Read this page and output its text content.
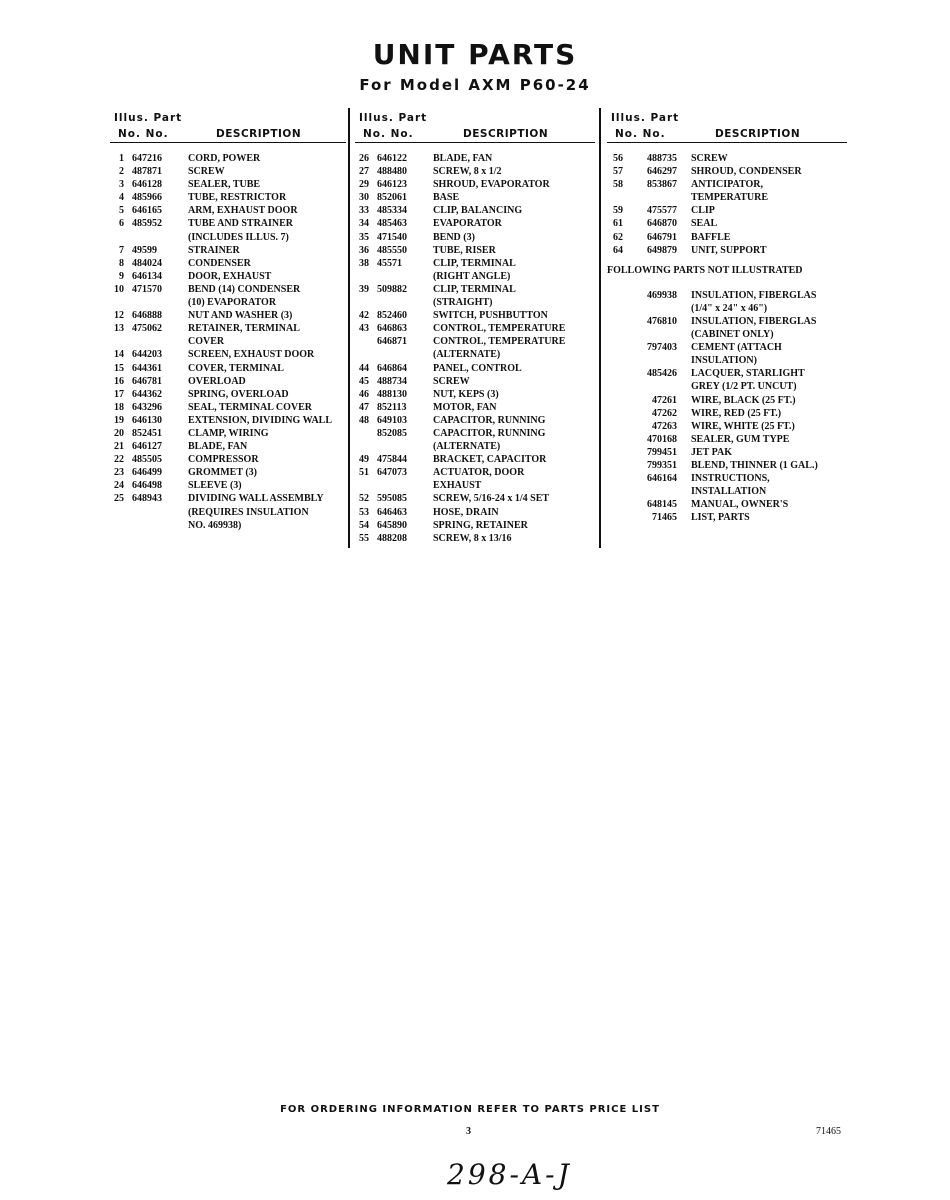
UNIT PARTS
For Model AXM P60-24
Illus. Part
No. No.	DESCRIPTION
1 647216	CORD, POWER
2 487871	SCREW
3 646128	SEALER, TUBE
4 485966	TUBE, RESTRICTOR
5 646165	ARM, EXHAUST DOOR
6 485952	TUBE AND STRAINER
(INCLUDES ILLUS. 7)
7 49599	STRAINER
8 484024	CONDENSER
9 646134	DOOR, EXHAUST
10 471570	BEND (14) CONDENSER
(10) EVAPORATOR
12 646888	NUT AND WASHER (3)
13 475062	RETAINER, TERMINAL
COVER
14 644203	SCREEN, EXHAUST DOOR
15 644361	COVER, TERMINAL
16 646781	OVERLOAD
17 644362	SPRING, OVERLOAD
18 643296	SEAL, TERMINAL COVER
19 646130	EXTENSION, DIVIDING WALL
20 852451	CLAMP, WIRING
21 646127	BLADE, FAN
22 485505	COMPRESSOR
23 646499	GROMMET (3)
24 646498	SLEEVE (3)
25 648943	DIVIDING WALL ASSEMBLY
(REQUIRES INSULATION
NO. 469938)
Illus. Part
No. No.	DESCRIPTION
26 646122	BLADE, FAN
27 488480	SCREW, 8 x 1/2
29 646123	SHROUD, EVAPORATOR
30 852061	BASE
33 485334	CLIP, BALANCING
34 485463	EVAPORATOR
35 471540	BEND (3)
36 485550	TUBE, RISER
38 45571	CLIP, TERMINAL
(RIGHT ANGLE)
39 509882	CLIP, TERMINAL
(STRAIGHT)
42 852460	SWITCH, PUSHBUTTON
43 646863	CONTROL, TEMPERATURE
646871	CONTROL, TEMPERATURE
(ALTERNATE)
44 646864	PANEL, CONTROL
45 488734	SCREW
46 488130	NUT, KEPS (3)
47 852113	MOTOR, FAN
48 649103	CAPACITOR, RUNNING
852085	CAPACITOR, RUNNING
(ALTERNATE)
49 475844	BRACKET, CAPACITOR
51 647073	ACTUATOR, DOOR
EXHAUST
52 595085	SCREW, 5/16-24 x 1/4 SET
53 646463	HOSE, DRAIN
54 645890	SPRING, RETAINER
55 488208	SCREW, 8 x 13/16
Illus. Part
No. No.	DESCRIPTION
56	488735 SCREW
57	646297 SHROUD, CONDENSER
58	853867 ANTICIPATOR,
TEMPERATURE
59	475577 CLIP
61	646870 SEAL
62	646791 BAFFLE
64	649879 UNIT, SUPPORT
FOLLOWING PARTS NOT ILLUSTRATED
469938 INSULATION, FIBERGLAS
(1/4" x 24" x 46")
476810 INSULATION, FIBERGLAS
(CABINET ONLY)
797403 CEMENT (ATTACH
INSULATION)
485426 LACQUER, STARLIGHT
GREY (1/2 PT. UNCUT)
47261 WIRE, BLACK (25 FT.)
47262 WIRE, RED (25 FT.)
47263 WIRE, WHITE (25 FT.)
470168 SEALER, GUM TYPE
799451 JET PAK
799351 BLEND, THINNER (1 GAL.)
646164 INSTRUCTIONS,
INSTALLATION
648145 MANUAL, OWNER'S
71465 LIST, PARTS
FOR ORDERING INFORMATION REFER TO PARTS PRICE LIST
3	71465
298-A-J
